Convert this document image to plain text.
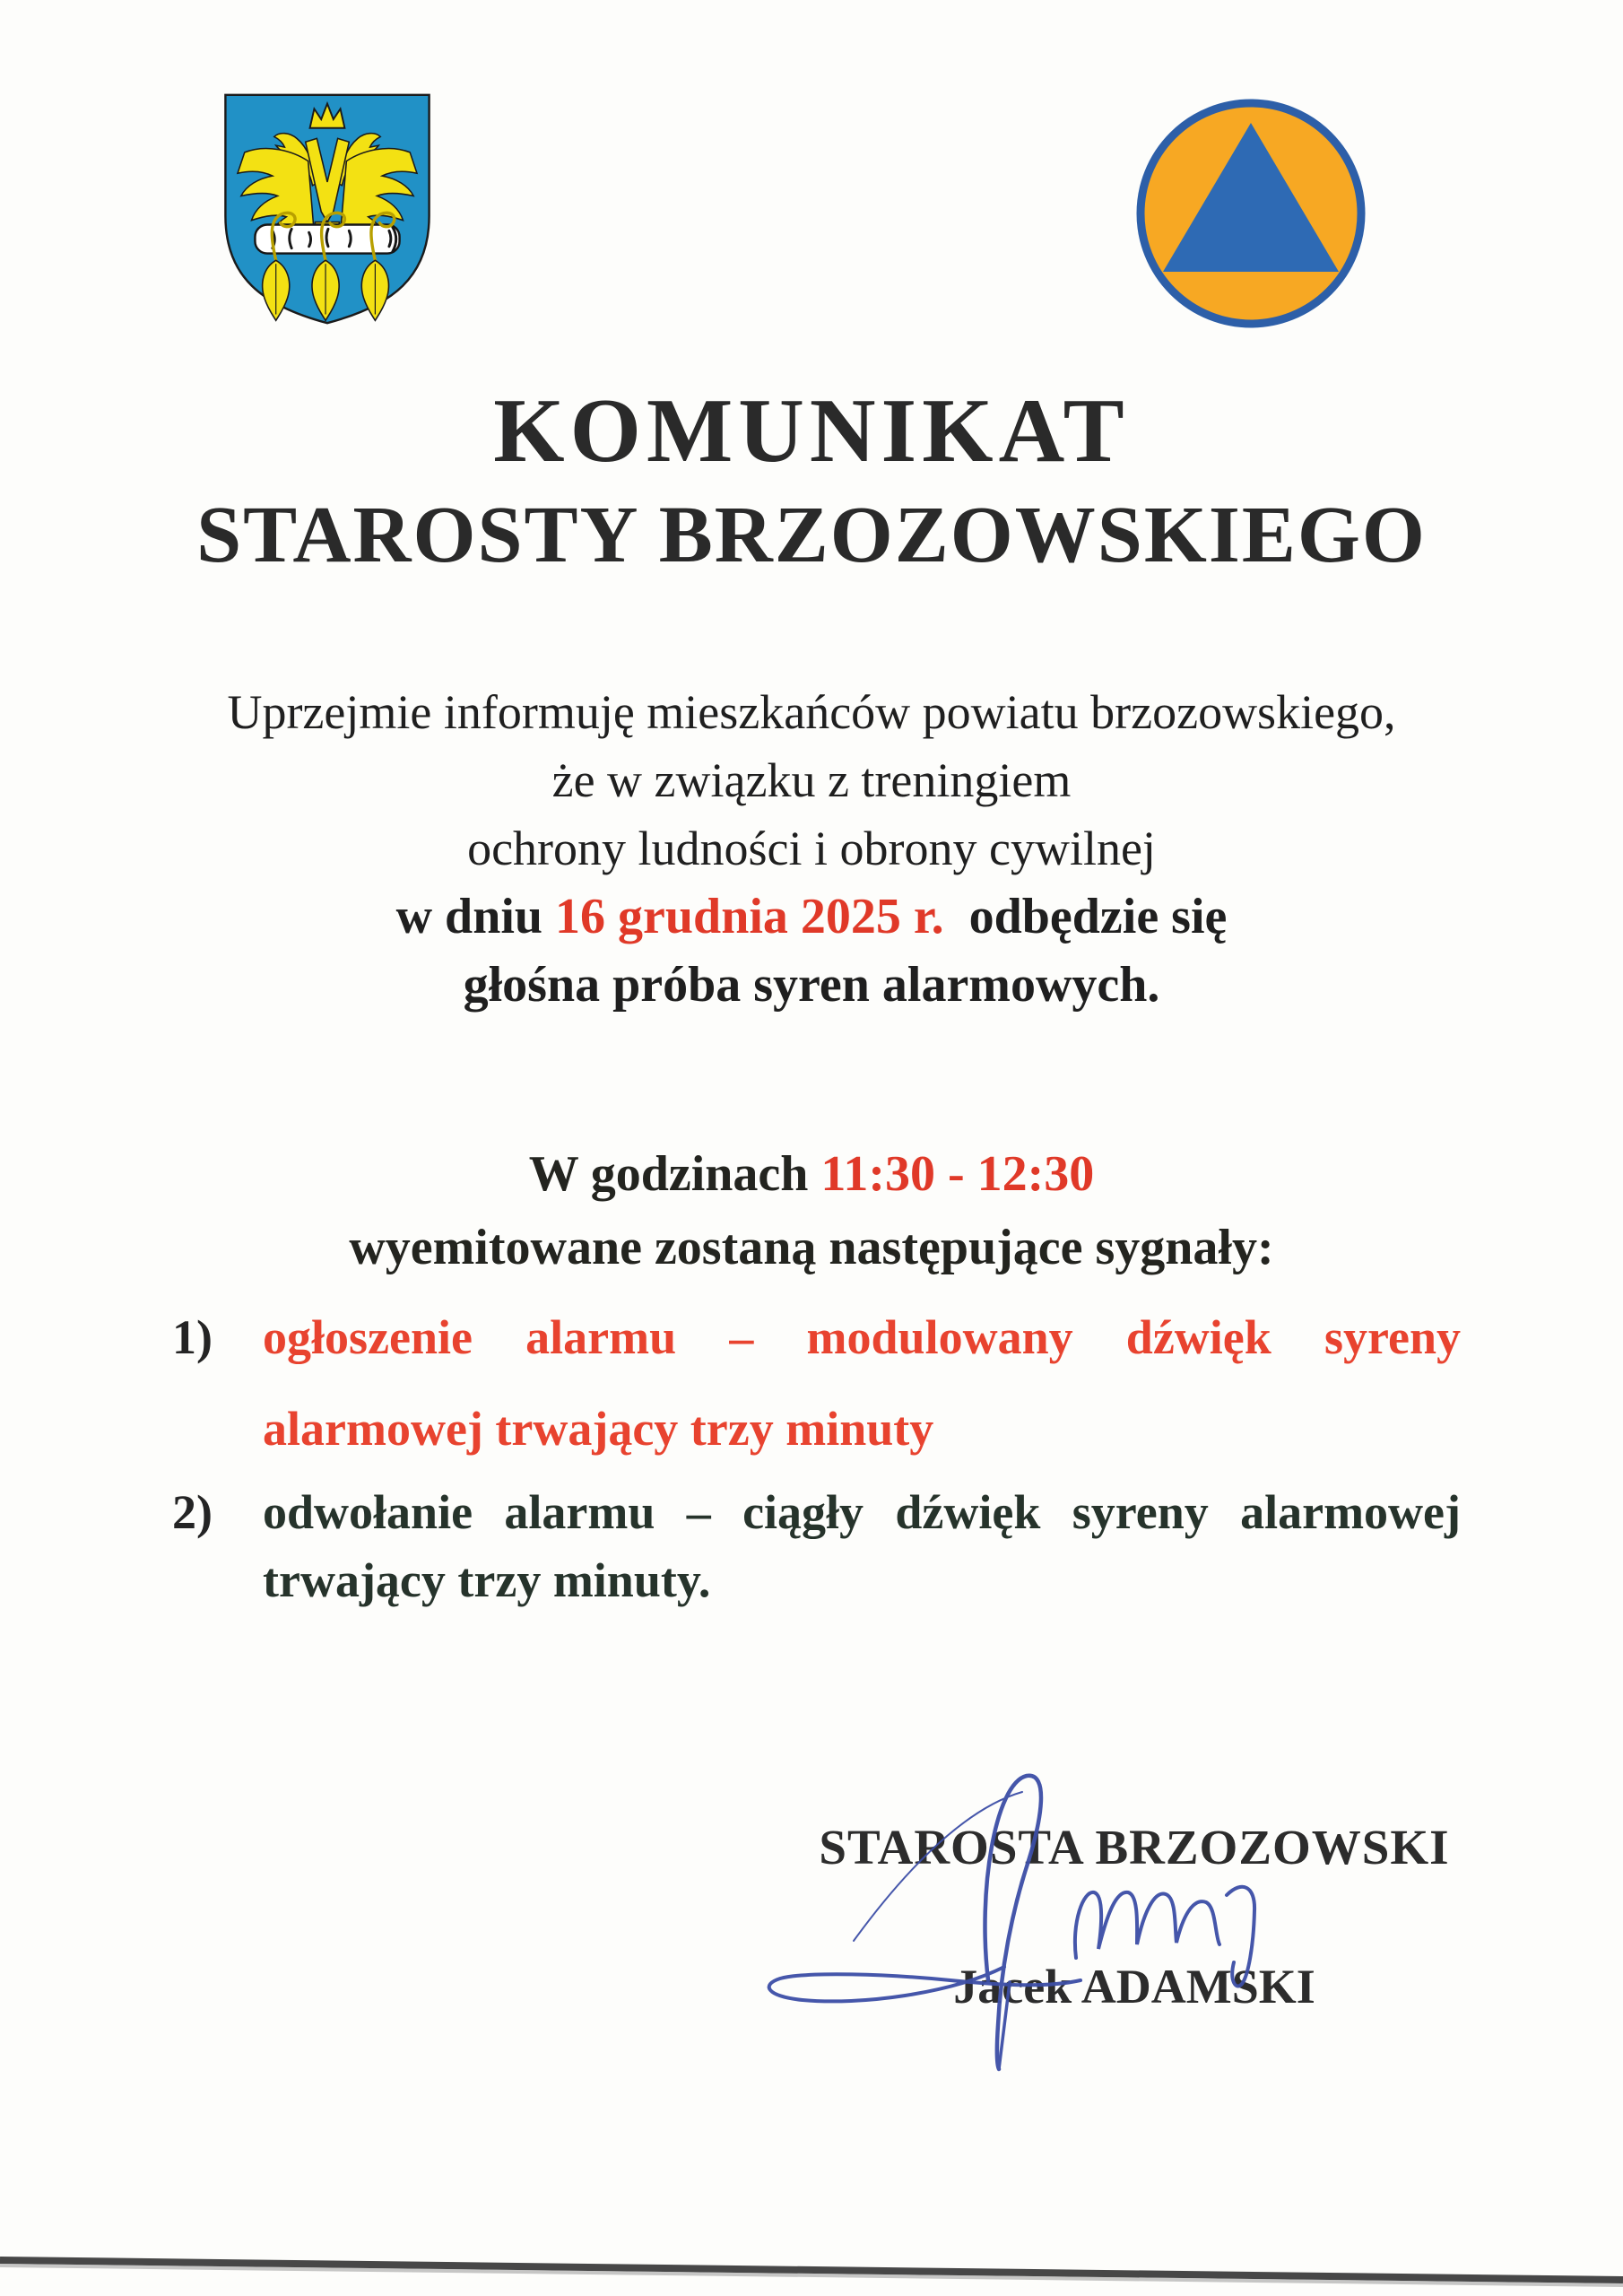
KOMUNIKAT
STAROSTY BRZOZOWSKIEGO
Uprzejmie informuję mieszkańców powiatu brzozowskiego,
że w związku z treningiem
ochrony ludności i obrony cywilnej
w dniu 16 grudnia 2025 r.  odbędzie się
głośna próba syren alarmowych.
W godzinach 11:30 - 12:30
wyemitowane zostaną następujące sygnały:
1) ogłoszenie alarmu – modulowany dźwięk syreny
alarmowej trwający trzy minuty
2) odwołanie alarmu – ciągły dźwięk syreny alarmowej
trwający trzy minuty.
STAROSTA BRZOZOWSKI
Jacek ADAMSKI
